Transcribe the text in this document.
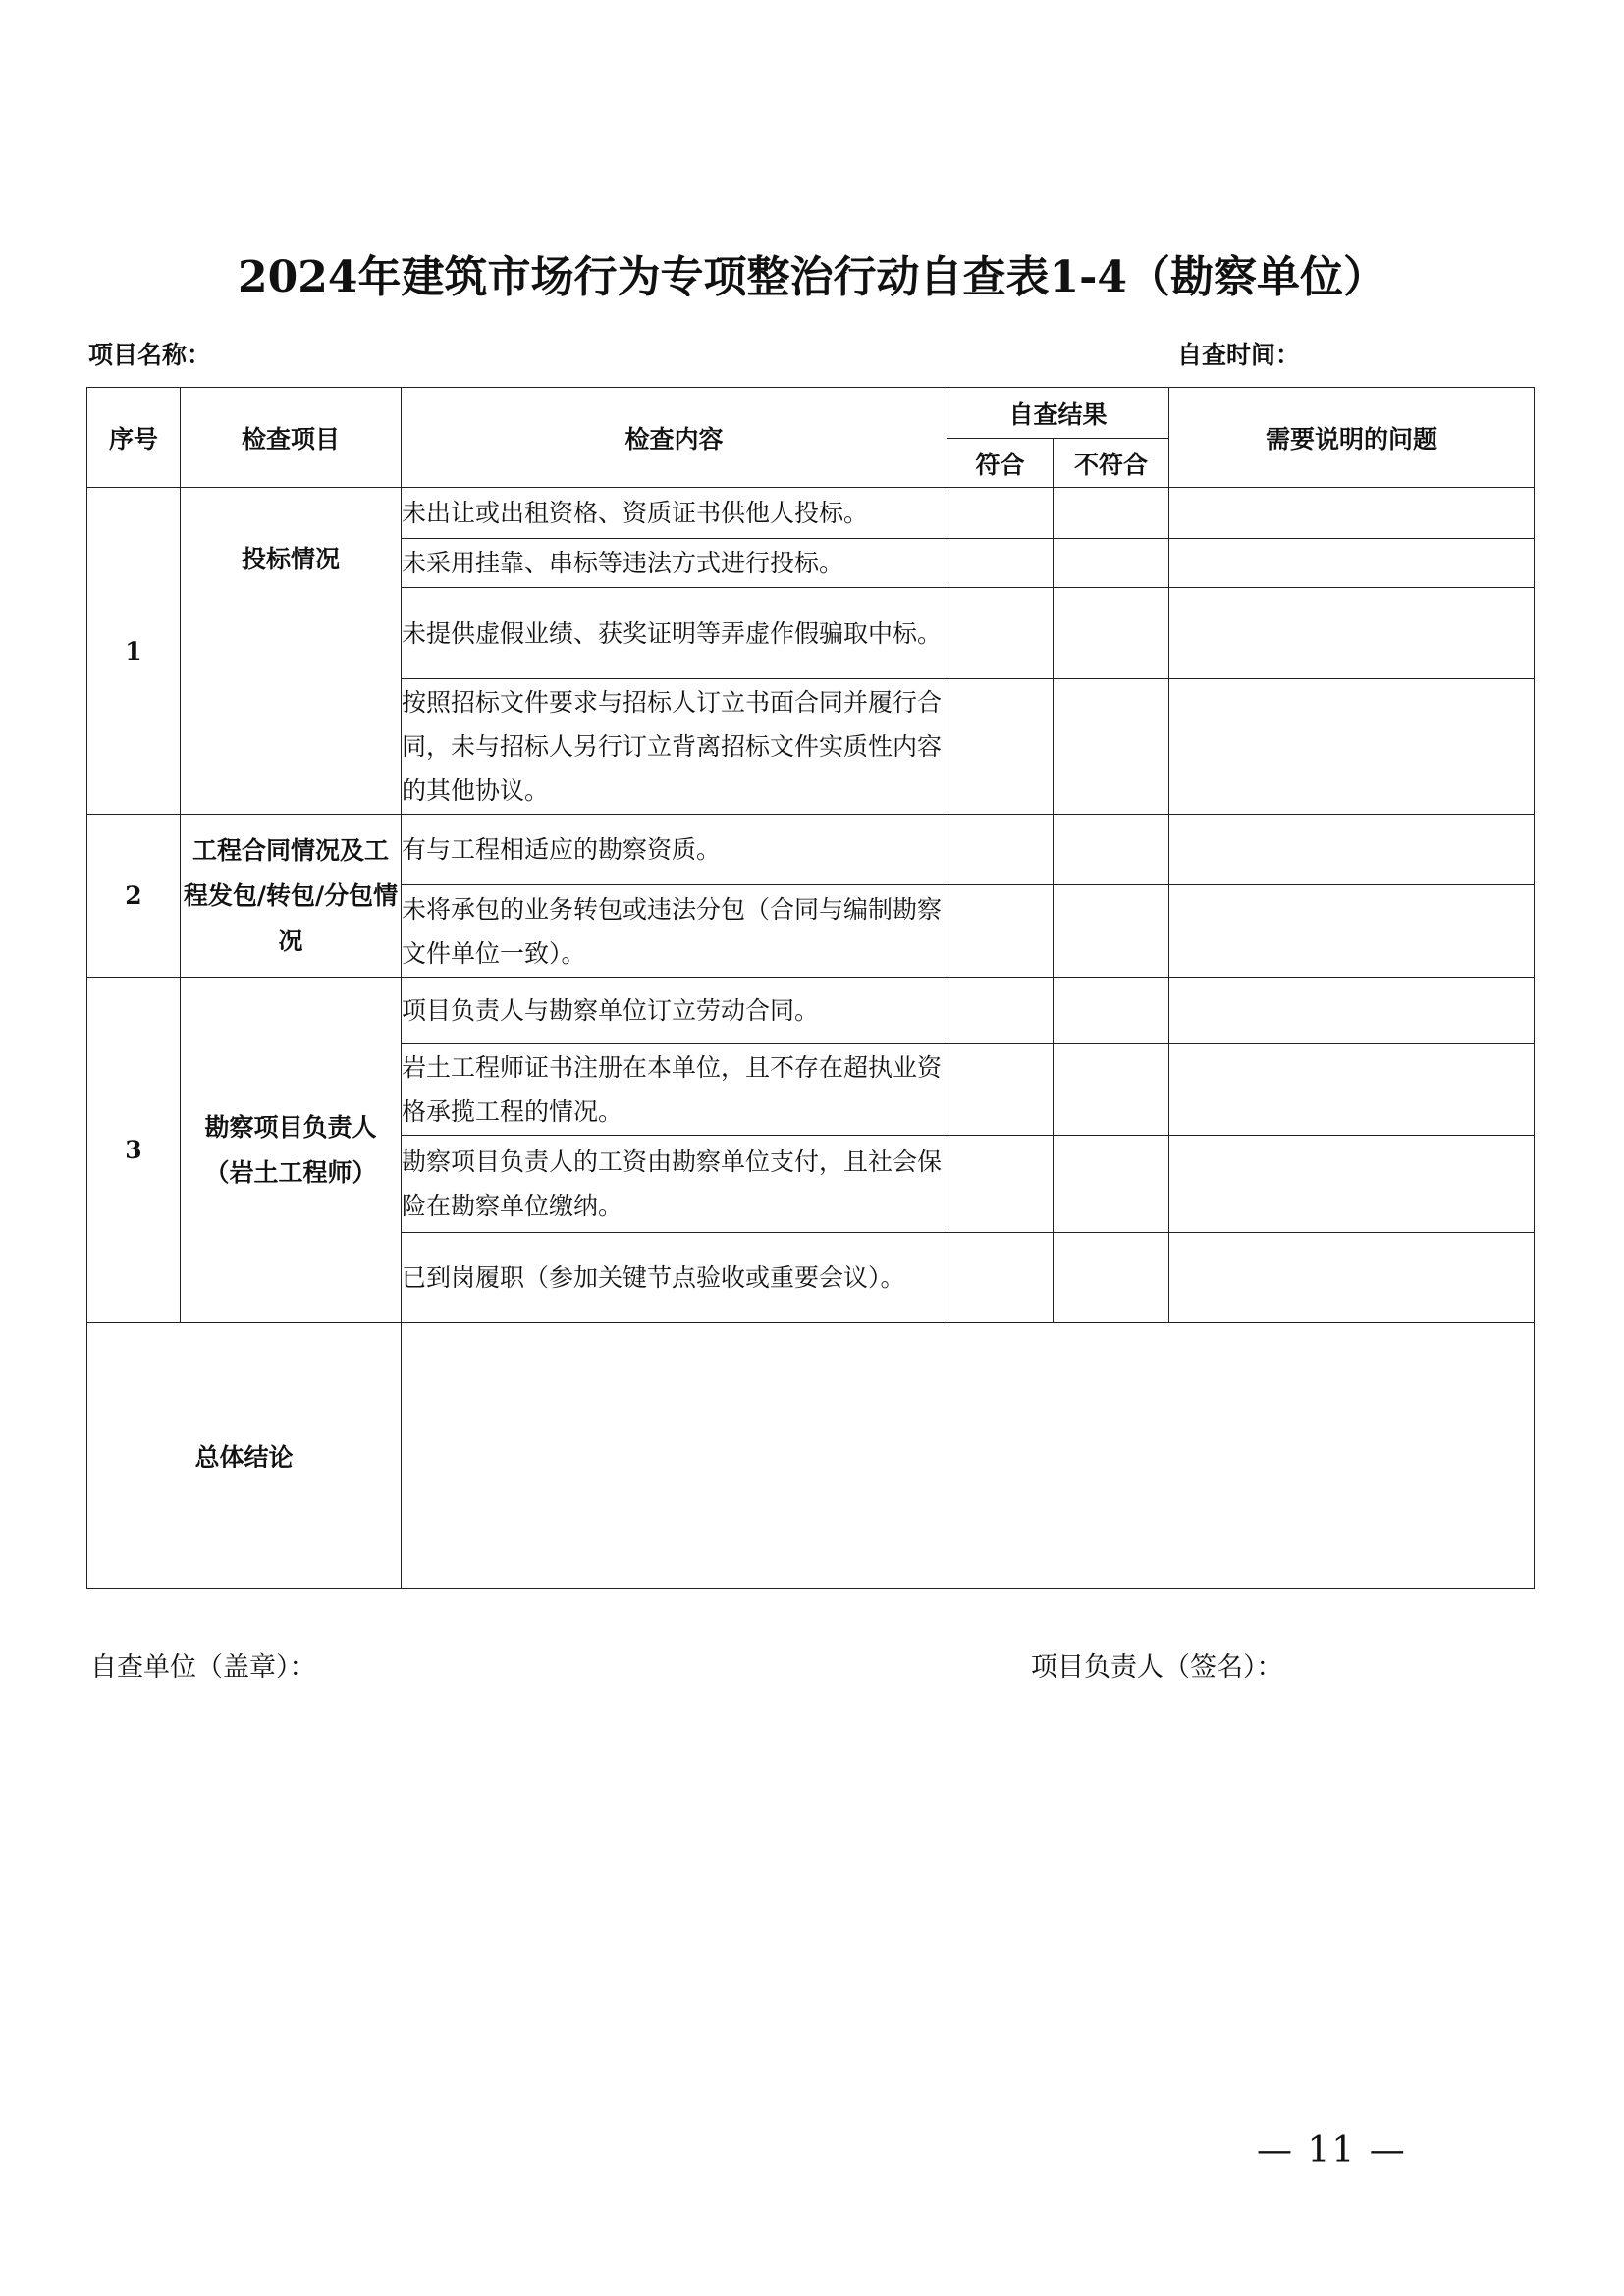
2024年建筑市场行为专项整治行动自查表1-4（勘察单位）
项目名称：	自查时间：
序号	检查项目	检查内容	自查结果		需要说明的问题
			符合	不符合	
1	投标情况	未出让或出租资格、资质证书供他人投标。			
		未采用挂靠、串标等违法方式进行投标。			
		未提供虚假业绩、获奖证明等弄虚作假骗取中标。			
		按照招标文件要求与招标人订立书面合同并履行合同，未与招标人另行订立背离招标文件实质性内容的其他协议。			
2	工程合同情况及工程发包/转包/分包情况	有与工程相适应的勘察资质。			
		未将承包的业务转包或违法分包（合同与编制勘察文件单位一致）。			
3	勘察项目负责人（岩土工程师）	项目负责人与勘察单位订立劳动合同。			
		岩土工程师证书注册在本单位，且不存在超执业资格承揽工程的情况。			
		勘察项目负责人的工资由勘察单位支付，且社会保险在勘察单位缴纳。			
		已到岗履职（参加关键节点验收或重要会议）。			
总体结论					
自查单位（盖章）：	项目负责人（签名）：
— 11 —
